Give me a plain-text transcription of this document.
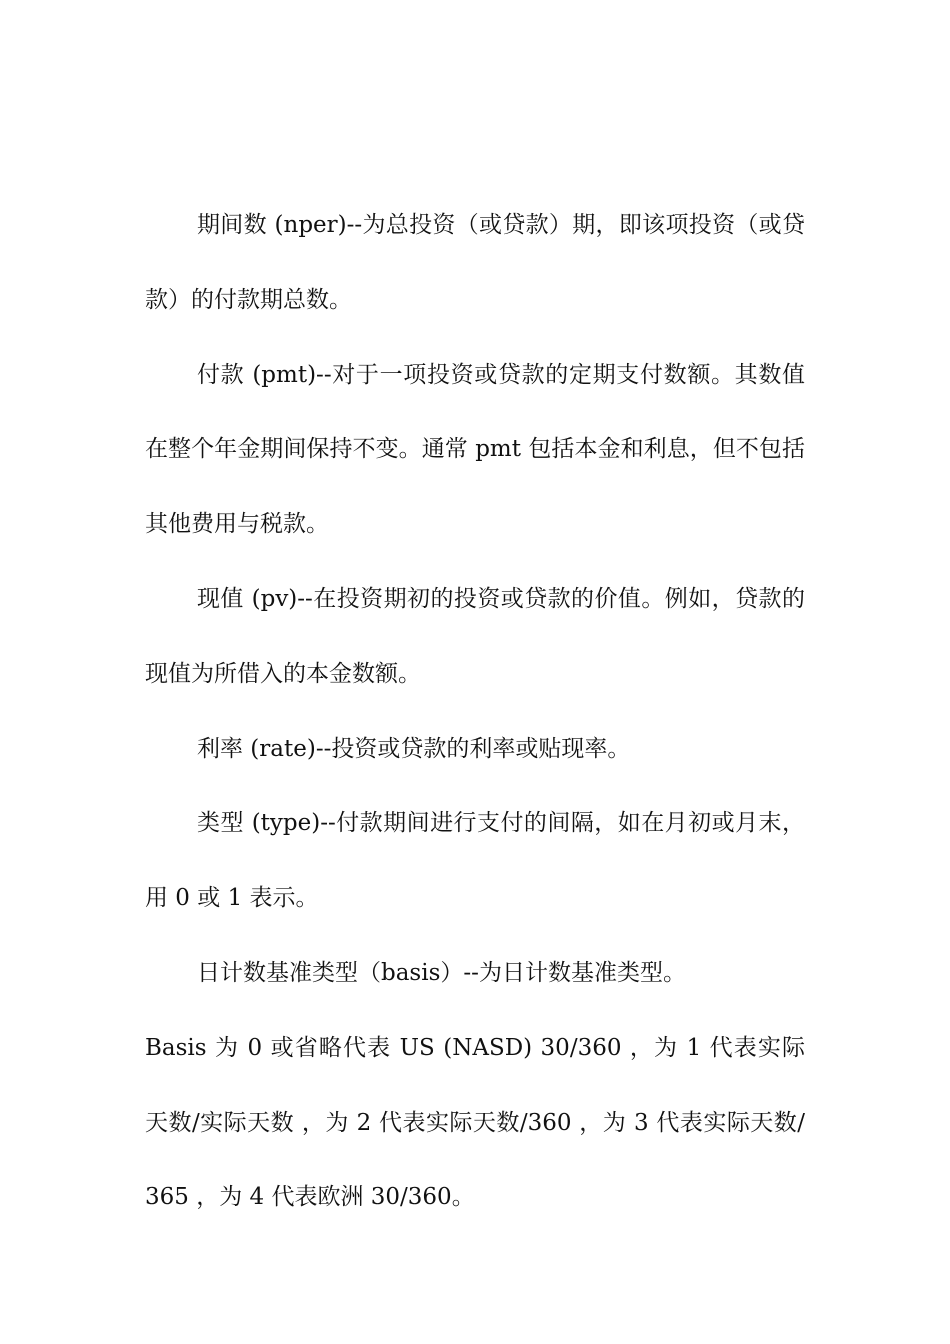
期间数 (nper)--为总投资（或贷款）期，即该项投资（或贷款）的付款期总数。

付款 (pmt)--对于一项投资或贷款的定期支付数额。其数值在整个年金期间保持不变。通常 pmt 包括本金和利息，但不包括其他费用与税款。

现值 (pv)--在投资期初的投资或贷款的价值。例如，贷款的现值为所借入的本金数额。

利率 (rate)--投资或贷款的利率或贴现率。

类型 (type)--付款期间进行支付的间隔，如在月初或月末，用 0 或 1 表示。

日计数基准类型（basis）--为日计数基准类型。

Basis 为 0 或省略代表 US (NASD) 30/360 ，为 1 代表实际天数/实际天数 ，为 2 代表实际天数/360 ，为 3 代表实际天数/365 ，为 4 代表欧洲 30/360。
